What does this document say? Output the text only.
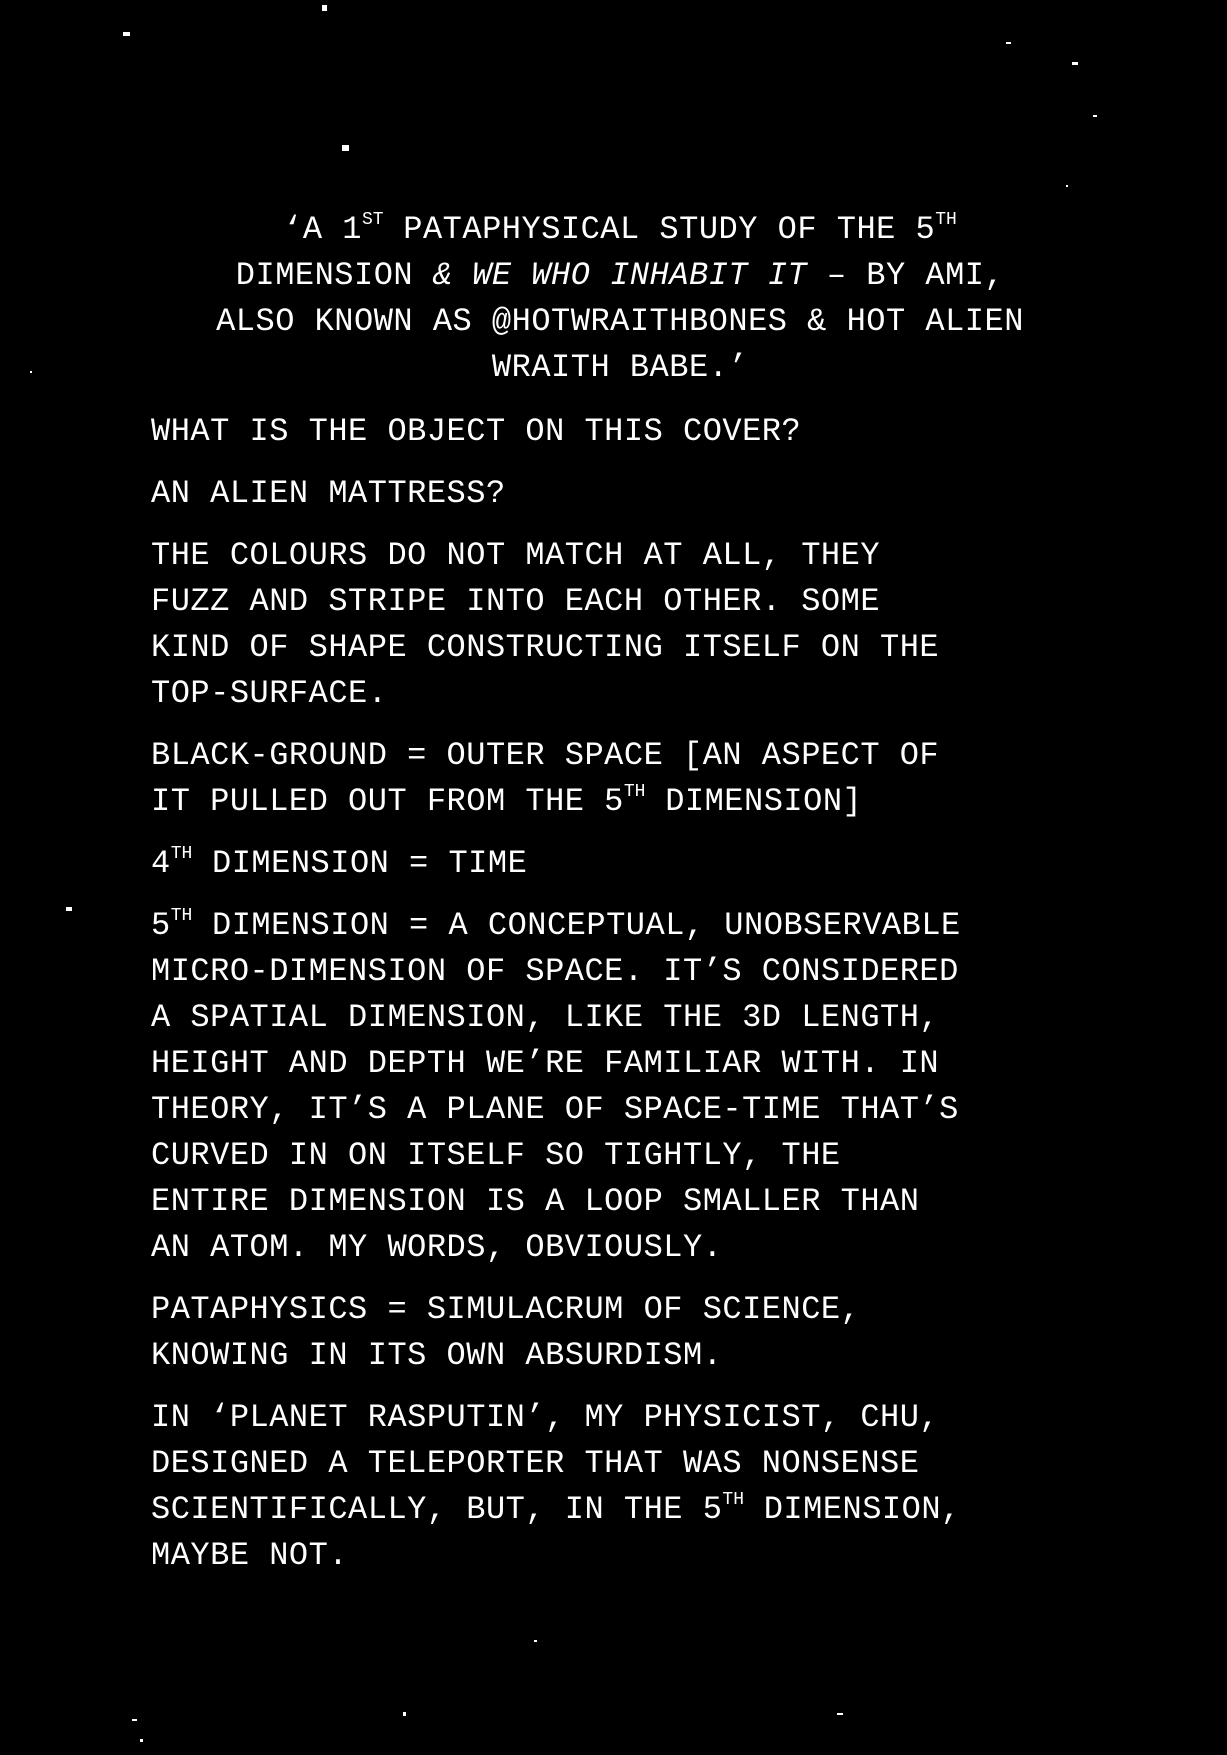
‘A 1ST PATAPHYSICAL STUDY OF THE 5TH
DIMENSION & WE WHO INHABIT IT – BY AMI,
ALSO KNOWN AS @HOTWRAITHBONES & HOT ALIEN
WRAITH BABE.’
WHAT IS THE OBJECT ON THIS COVER?
AN ALIEN MATTRESS?
THE COLOURS DO NOT MATCH AT ALL, THEY
FUZZ AND STRIPE INTO EACH OTHER. SOME
KIND OF SHAPE CONSTRUCTING ITSELF ON THE
TOP-SURFACE.
BLACK-GROUND = OUTER SPACE [AN ASPECT OF
IT PULLED OUT FROM THE 5TH DIMENSION]
4TH DIMENSION = TIME
5TH DIMENSION = A CONCEPTUAL, UNOBSERVABLE
MICRO-DIMENSION OF SPACE. IT’S CONSIDERED
A SPATIAL DIMENSION, LIKE THE 3D LENGTH,
HEIGHT AND DEPTH WE’RE FAMILIAR WITH. IN
THEORY, IT’S A PLANE OF SPACE-TIME THAT’S
CURVED IN ON ITSELF SO TIGHTLY, THE
ENTIRE DIMENSION IS A LOOP SMALLER THAN
AN ATOM. MY WORDS, OBVIOUSLY.
PATAPHYSICS = SIMULACRUM OF SCIENCE,
KNOWING IN ITS OWN ABSURDISM.
IN ‘PLANET RASPUTIN’, MY PHYSICIST, CHU,
DESIGNED A TELEPORTER THAT WAS NONSENSE
SCIENTIFICALLY, BUT, IN THE 5TH DIMENSION,
MAYBE NOT.
